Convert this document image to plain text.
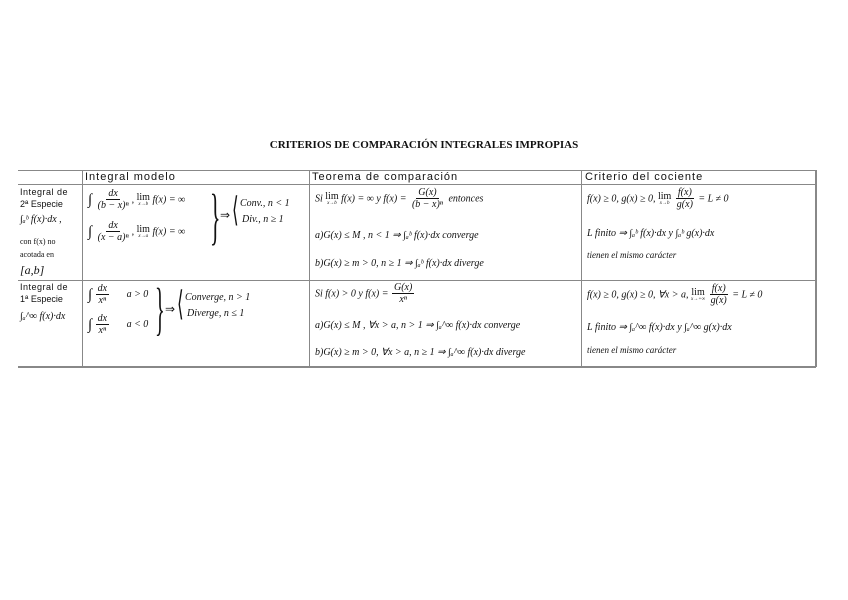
CRITERIOS DE COMPARACIÓN INTEGRALES IMPROPIAS
Integral modelo	Teorema de comparación	Criterio del cociente
Integral de
2ª Especie
∫ₐᵇ f(x)·dx ,
con f(x) no
acotada en
[a,b]
∫ $\frac{dx}{\text{(b − x)ⁿ}}$ , lim
x→b f(x) = ∞
∫ $\frac{dx}{\text{(x − a)ⁿ}}$ , lim
x→a f(x) = ∞ } ⇒ ⟨ Conv., n < 1
Div., n ≥ 1
Si lim
x→b f(x) = ∞ y $f(x) = \frac{G(x)}{\text{(b − x)ⁿ}}$ entonces
a)G(x) ≤ M , n < 1 ⇒ ∫ₐᵇ f(x)·dx converge
b)G(x) ≥ m > 0, n ≥ 1 ⇒ ∫ₐᵇ f(x)·dx diverge
f(x) ≥ 0, g(x) ≥ 0, lim
x→b
$\frac{f(x)}{g(x)} = L \ne 0$
L finito ⇒ ∫ₐᵇ f(x)·dx y ∫ₐᵇ g(x)·dx
tienen el mismo carácter
Integral de
1ª Especie
∫ₐ^∞ f(x)·dx
∫ $\frac{dx}{\text{xⁿ}}$ a > 0
∫ $\frac{dx}{\text{xⁿ}}$ a < 0 } ⇒ ⟨ Converge, n > 1
Diverge, n ≤ 1
Si f(x) > 0 y $f(x) = \frac{G(x)}{\text{xⁿ}}$
a)G(x) ≤ M , ∀x > a, n > 1 ⇒ ∫ₐ^∞ f(x)·dx converge
b)G(x) ≥ m > 0, ∀x > a, n ≥ 1 ⇒ ∫ₐ^∞ f(x)·dx diverge
f(x) ≥ 0, g(x) ≥ 0, ∀x > a, lim
x→+∞
$\frac{f(x)}{g(x)} = L \ne 0$
L finito ⇒ ∫ₐ^∞ f(x)·dx y ∫ₐ^∞ g(x)·dx
tienen el mismo carácter
